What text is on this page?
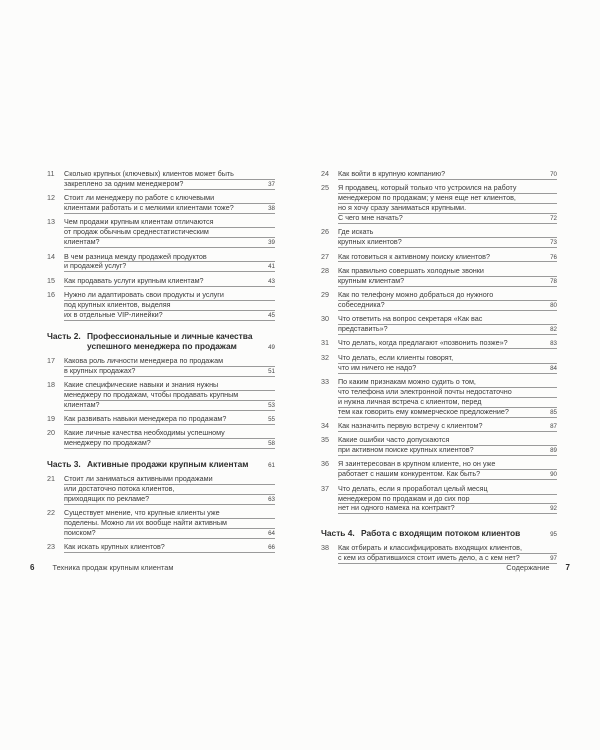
11	Сколько крупных (ключевых) клиентов может быть
закреплено за одним менеджером?	37
12	Стоит ли менеджеру по работе с ключевыми
клиентами работать и с мелкими клиентами тоже?	38
13	Чем продажи крупным клиентам отличаются
от продаж обычным среднестатистическим
клиентам?	39
14	В чем разница между продажей продуктов
и продажей услуг?	41
15	Как продавать услуги крупным клиентам?	43
16	Нужно ли адаптировать свои продукты и услуги
под крупных клиентов, выделяя
их в отдельные VIP-линейки?	45
Часть 2. Профессиональные и личные качества
успешного менеджера по продажам	49
17	Какова роль личности менеджера по продажам
в крупных продажах?	51
18	Какие специфические навыки и знания нужны
менеджеру по продажам, чтобы продавать крупным
клиентам?	53
19	Как развивать навыки менеджера по продажам?	55
20	Какие личные качества необходимы успешному
менеджеру по продажам?	58
Часть 3. Активные продажи крупным клиентам	61
21	Стоит ли заниматься активными продажами
или достаточно потока клиентов,
приходящих по рекламе?	63
22	Существует мнение, что крупные клиенты уже
поделены. Можно ли их вообще найти активным
поиском?	64
23	Как искать крупных клиентов?	66
24	Как войти в крупную компанию?	70
25	Я продавец, который только что устроился на работу
менеджером по продажам; у меня еще нет клиентов,
но я хочу сразу заниматься крупными.
С чего мне начать?	72
26	Где искать
крупных клиентов?	73
27	Как готовиться к активному поиску клиентов?	76
28	Как правильно совершать холодные звонки
крупным клиентам?	78
29	Как по телефону можно добраться до нужного
собеседника?	80
30	Что ответить на вопрос секретаря «Как вас
представить»?	82
31	Что делать, когда предлагают «позвонить позже»?	83
32	Что делать, если клиенты говорят,
что им ничего не надо?	84
33	По каким признакам можно судить о том,
что телефона или электронной почты недостаточно
и нужна личная встреча с клиентом, перед
тем как говорить ему коммерческое предложение?	85
34	Как назначить первую встречу с клиентом?	87
35	Какие ошибки часто допускаются
при активном поиске крупных клиентов?	89
36	Я заинтересован в крупном клиенте, но он уже
работает с нашим конкурентом. Как быть?	90
37	Что делать, если я проработал целый месяц
менеджером по продажам и до сих пор
нет ни одного намека на контракт?	92
Часть 4. Работа с входящим потоком клиентов	95
38	Как отбирать и классифицировать входящих клиентов,
с кем из обратившихся стоит иметь дело, а с кем нет?	97
6 Техника продаж крупным клиентам	Содержание 7
